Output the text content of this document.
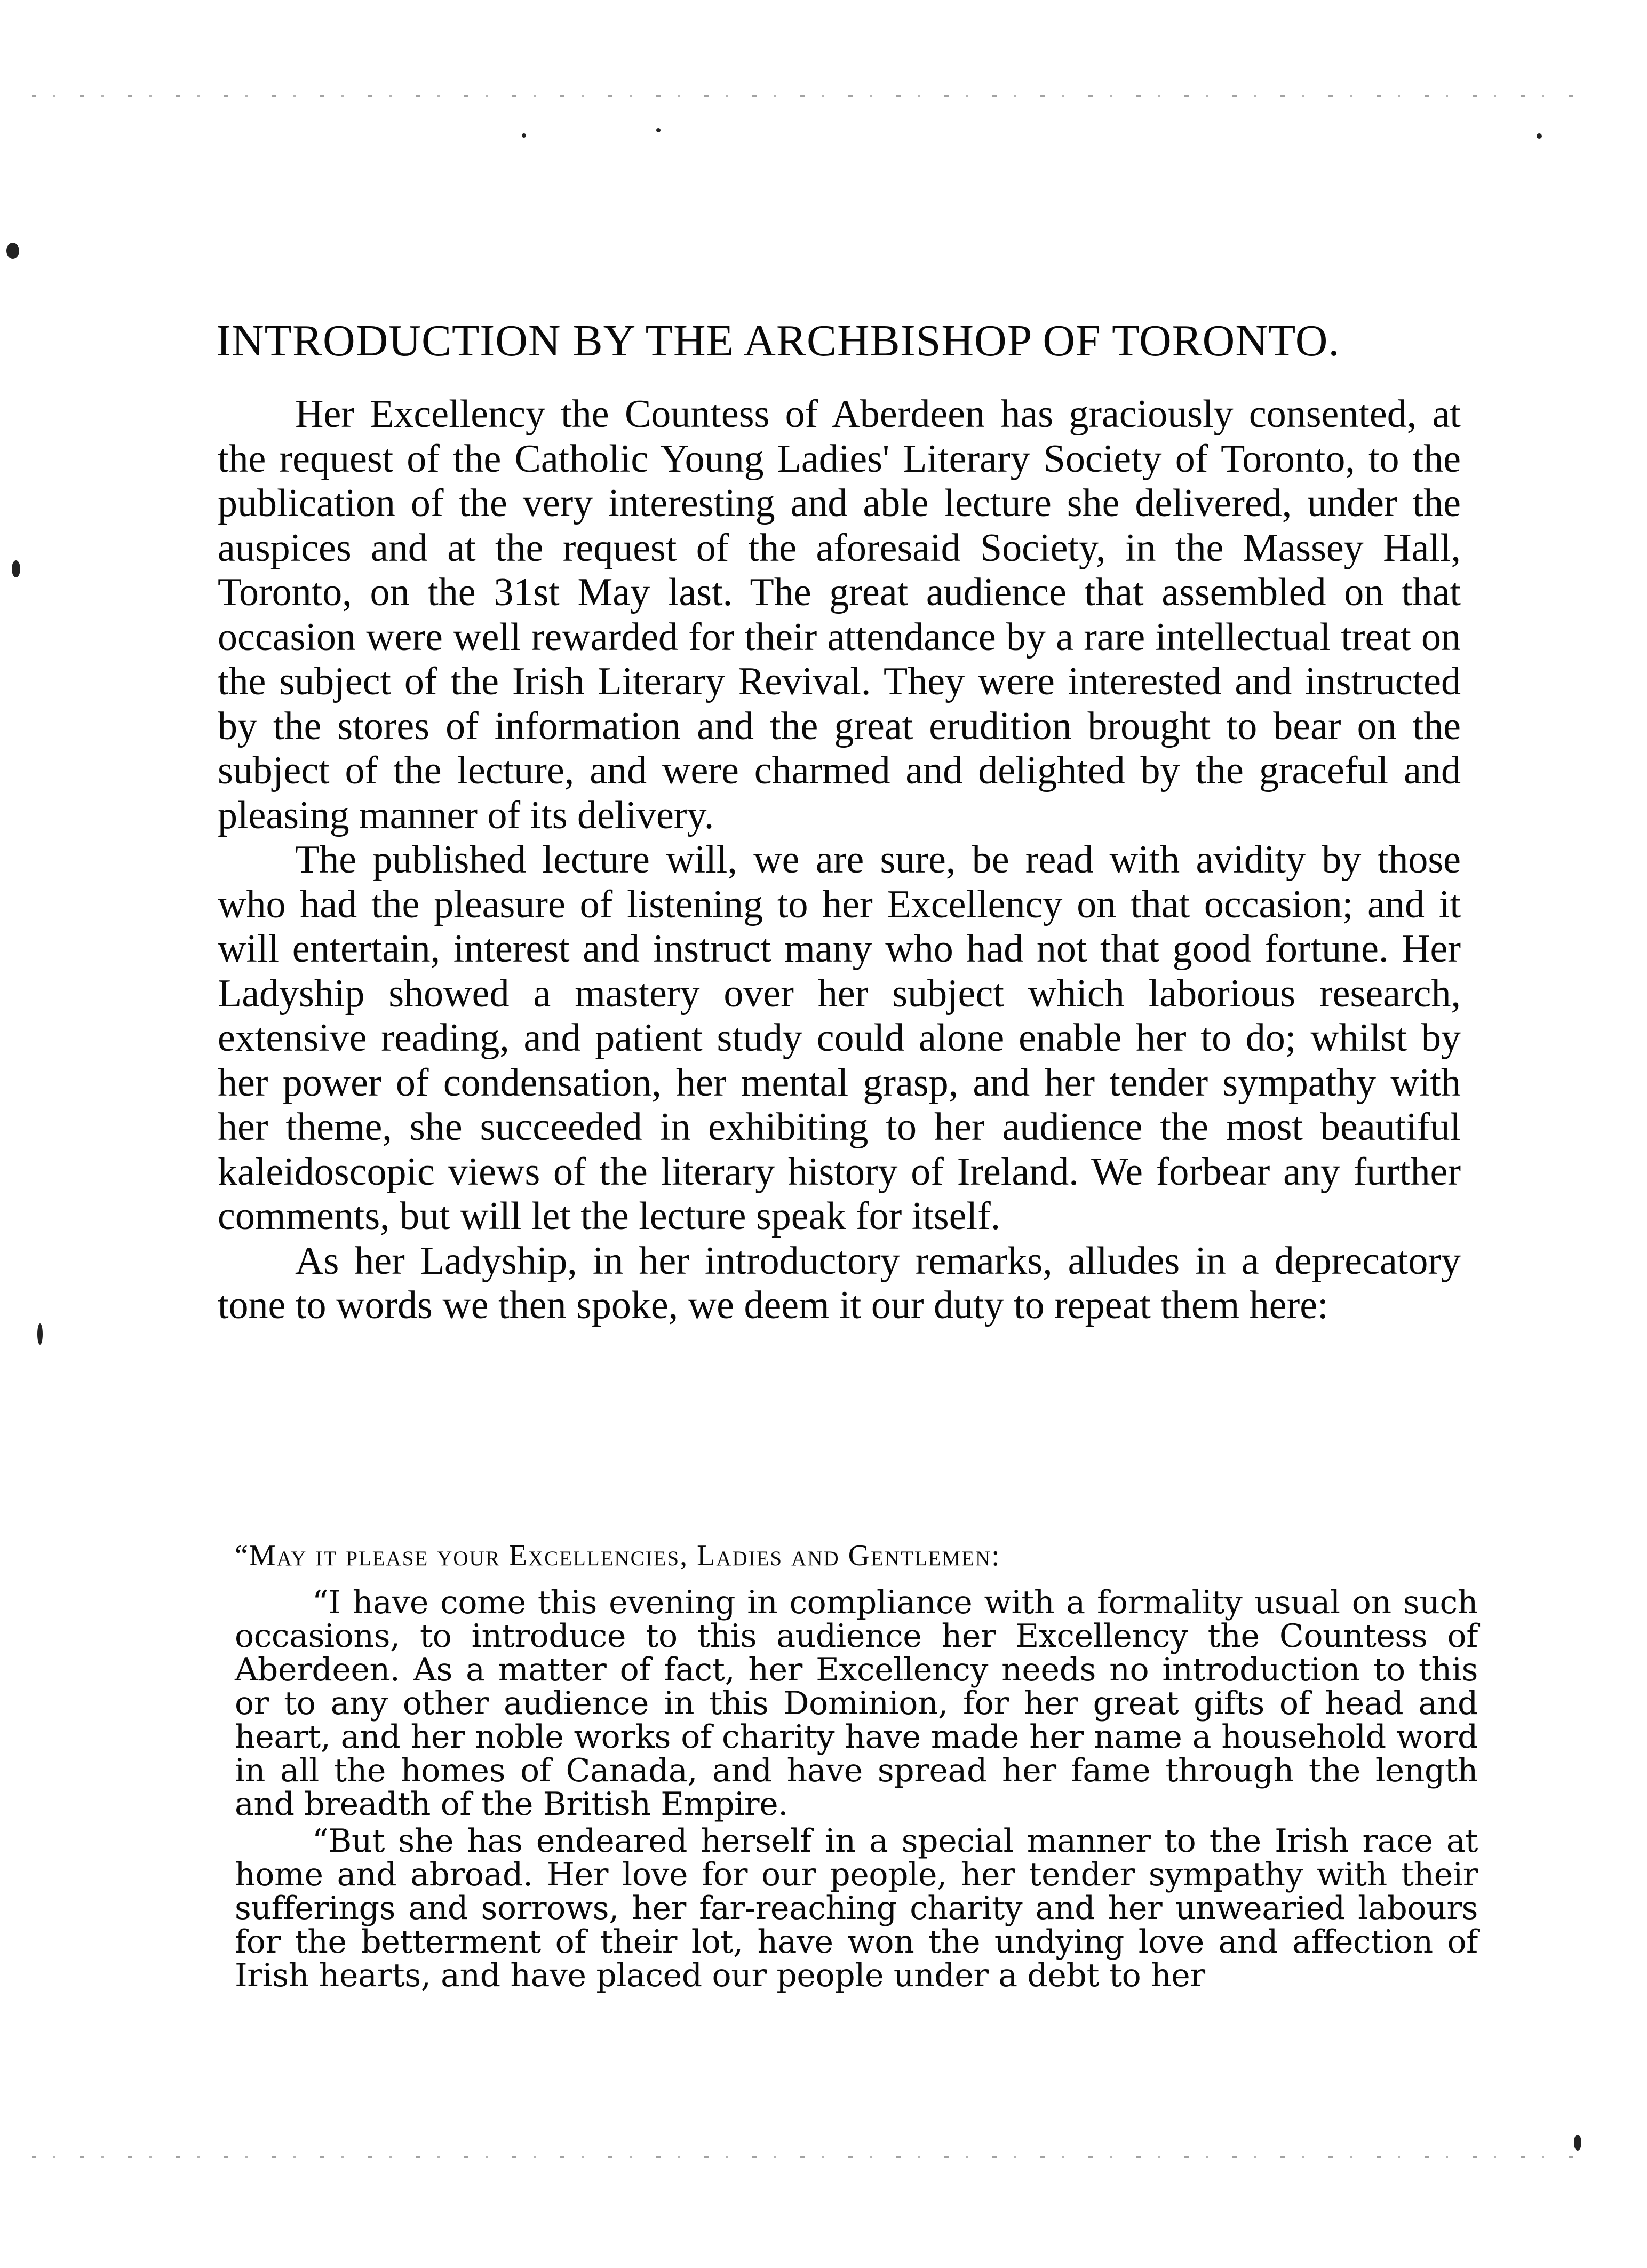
INTRODUCTION BY THE ARCHBISHOP OF TORONTO.

Her Excellency the Countess of Aberdeen has graciously consented, at the request of the Catholic Young Ladies' Literary Society of Toronto, to the publication of the very interesting and able lecture she delivered, under the auspices and at the request of the aforesaid Society, in the Massey Hall, Toronto, on the 31st May last. The great audience that assembled on that occasion were well rewarded for their attendance by a rare intellectual treat on the subject of the Irish Literary Revival. They were interested and instructed by the stores of information and the great erudition brought to bear on the subject of the lecture, and were charmed and delighted by the graceful and pleasing manner of its delivery.

The published lecture will, we are sure, be read with avidity by those who had the pleasure of listening to her Excellency on that occasion; and it will entertain, interest and instruct many who had not that good fortune. Her Ladyship showed a mastery over her subject which laborious research, extensive reading, and patient study could alone enable her to do; whilst by her power of condensation, her mental grasp, and her tender sympathy with her theme, she succeeded in exhibiting to her audience the most beautiful kaleidoscopic views of the literary history of Ireland. We forbear any further comments, but will let the lecture speak for itself.

As her Ladyship, in her introductory remarks, alludes in a deprecatory tone to words we then spoke, we deem it our duty to repeat them here:

“May it please your Excellencies, Ladies and Gentlemen:

“I have come this evening in compliance with a formality usual on such occasions, to introduce to this audience her Excellency the Countess of Aberdeen. As a matter of fact, her Excellency needs no introduction to this or to any other audience in this Dominion, for her great gifts of head and heart, and her noble works of charity have made her name a household word in all the homes of Canada, and have spread her fame through the length and breadth of the British Empire.

“But she has endeared herself in a special manner to the Irish race at home and abroad. Her love for our people, her tender sympathy with their sufferings and sorrows, her far-reaching charity and her unwearied labours for the betterment of their lot, have won the undying love and affection of Irish hearts, and have placed our people under a debt to her
